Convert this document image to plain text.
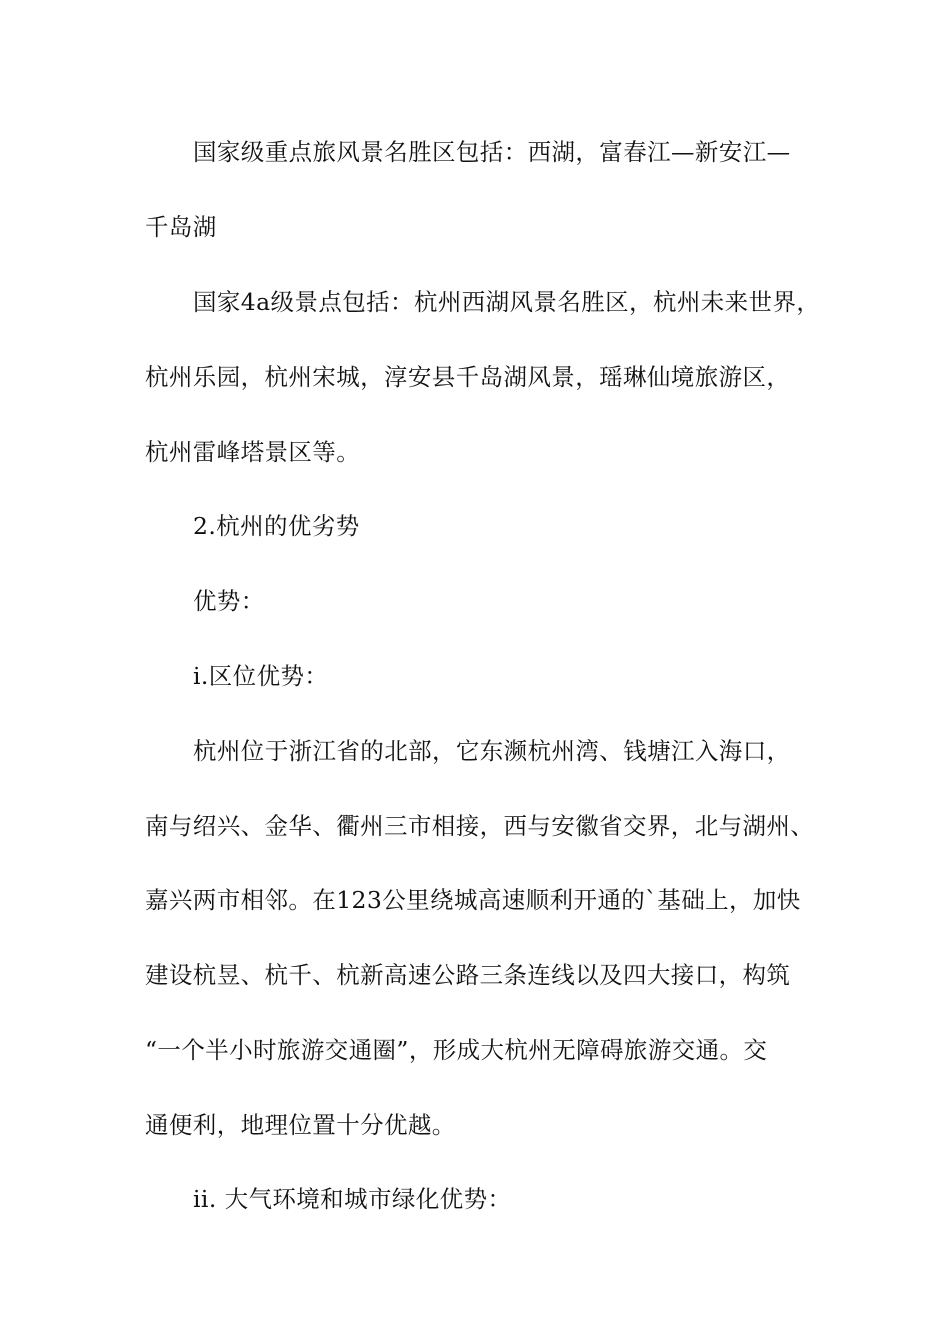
国家级重点旅风景名胜区包括：西湖，富春江—新安江—
千岛湖
国家4a级景点包括：杭州西湖风景名胜区，杭州未来世界，
杭州乐园，杭州宋城，淳安县千岛湖风景，瑶琳仙境旅游区，
杭州雷峰塔景区等。
2.杭州的优劣势
优势：
i.区位优势：
杭州位于浙江省的北部，它东濒杭州湾、钱塘江入海口，
南与绍兴、金华、衢州三市相接，西与安徽省交界，北与湖州、
嘉兴两市相邻。在123公里绕城高速顺利开通的`基础上，加快
建设杭昱、杭千、杭新高速公路三条连线以及四大接口，构筑
“一个半小时旅游交通圈”，形成大杭州无障碍旅游交通。交
通便利，地理位置十分优越。
ii. 大气环境和城市绿化优势：
